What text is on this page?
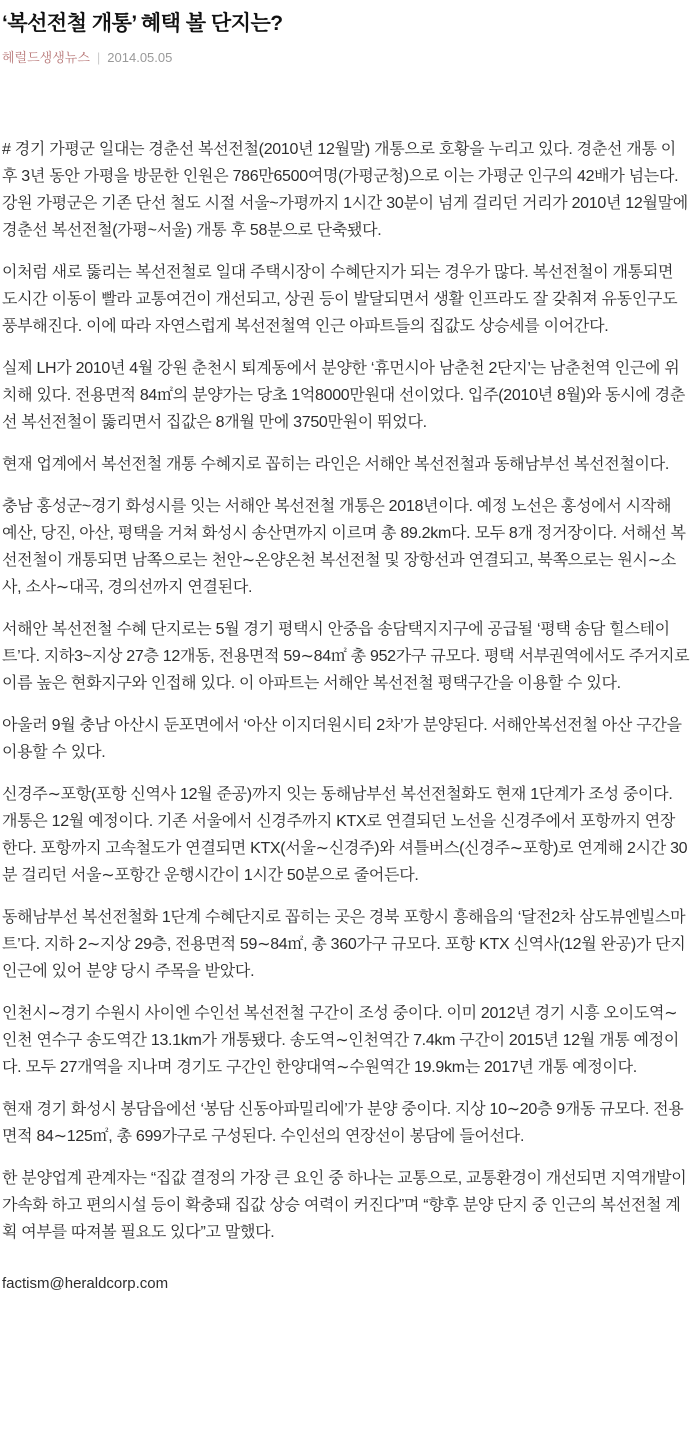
‘복선전철 개통’ 혜택 볼 단지는?
헤럴드생생뉴스 | 2014.05.05

# 경기 가평군 일대는 경춘선 복선전철(2010년 12월말) 개통으로 호황을 누리고 있다. 경춘선 개통 이후 3년 동안 가평을 방문한 인원은 786만6500여명(가평군청)으로 이는 가평군 인구의 42배가 넘는다. 강원 가평군은 기존 단선 철도 시절 서울~가평까지 1시간 30분이 넘게 걸리던 거리가 2010년 12월말에 경춘선 복선전철(가평~서울) 개통 후 58분으로 단축됐다.

이처럼 새로 뚫리는 복선전철로 일대 주택시장이 수혜단지가 되는 경우가 많다. 복선전철이 개통되면 도시간 이동이 빨라 교통여건이 개선되고, 상권 등이 발달되면서 생활 인프라도 잘 갖춰져 유동인구도 풍부해진다. 이에 따라 자연스럽게 복선전철역 인근 아파트들의 집값도 상승세를 이어간다.

실제 LH가 2010년 4월 강원 춘천시 퇴계동에서 분양한 ‘휴먼시아 남춘천 2단지’는 남춘천역 인근에 위치해 있다. 전용면적 84㎡의 분양가는 당초 1억8000만원대 선이었다. 입주(2010년 8월)와 동시에 경춘선 복선전철이 뚫리면서 집값은 8개월 만에 3750만원이 뛰었다.

현재 업계에서 복선전철 개통 수혜지로 꼽히는 라인은 서해안 복선전철과 동해남부선 복선전철이다.

충남 홍성군~경기 화성시를 잇는 서해안 복선전철 개통은 2018년이다. 예정 노선은 홍성에서 시작해 예산, 당진, 아산, 평택을 거쳐 화성시 송산면까지 이르며 총 89.2km다. 모두 8개 정거장이다. 서해선 복선전철이 개통되면 남쪽으로는 천안∼온양온천 복선전철 및 장항선과 연결되고, 북쪽으로는 원시∼소사, 소사∼대곡, 경의선까지 연결된다.

서해안 복선전철 수혜 단지로는 5월 경기 평택시 안중읍 송담택지지구에 공급될 ‘평택 송담 힐스테이트’다. 지하3~지상 27층 12개동, 전용면적 59∼84㎡ 총 952가구 규모다. 평택 서부권역에서도 주거지로 이름 높은 현화지구와 인접해 있다. 이 아파트는 서해안 복선전철 평택구간을 이용할 수 있다.

아울러 9월 충남 아산시 둔포면에서 ‘아산 이지더원시티 2차’가 분양된다. 서해안복선전철 아산 구간을 이용할 수 있다.

신경주∼포항(포항 신역사 12월 준공)까지 잇는 동해남부선 복선전철화도 현재 1단계가 조성 중이다. 개통은 12월 예정이다. 기존 서울에서 신경주까지 KTX로 연결되던 노선을 신경주에서 포항까지 연장한다. 포항까지 고속철도가 연결되면 KTX(서울∼신경주)와 셔틀버스(신경주∼포항)로 연계해 2시간 30분 걸리던 서울∼포항간 운행시간이 1시간 50분으로 줄어든다.

동해남부선 복선전철화 1단계 수혜단지로 꼽히는 곳은 경북 포항시 흥해읍의 ‘달전2차 삼도뷰엔빌스마트’다. 지하 2∼지상 29층, 전용면적 59∼84㎡, 총 360가구 규모다. 포항 KTX 신역사(12월 완공)가 단지 인근에 있어 분양 당시 주목을 받았다.

인천시∼경기 수원시 사이엔 수인선 복선전철 구간이 조성 중이다. 이미 2012년 경기 시흥 오이도역∼인천 연수구 송도역간 13.1km가 개통됐다. 송도역∼인천역간 7.4km 구간이 2015년 12월 개통 예정이다. 모두 27개역을 지나며 경기도 구간인 한양대역∼수원역간 19.9km는 2017년 개통 예정이다.

현재 경기 화성시 봉담읍에선 ‘봉담 신동아파밀리에’가 분양 중이다. 지상 10∼20층 9개동 규모다. 전용면적 84∼125㎡, 총 699가구로 구성된다. 수인선의 연장선이 봉담에 들어선다.

한 분양업계 관계자는 “집값 결정의 가장 큰 요인 중 하나는 교통으로, 교통환경이 개선되면 지역개발이 가속화 하고 편의시설 등이 확충돼 집값 상승 여력이 커진다”며 “향후 분양 단지 중 인근의 복선전철 계획 여부를 따져볼 필요도 있다”고 말했다.

factism@heraldcorp.com
